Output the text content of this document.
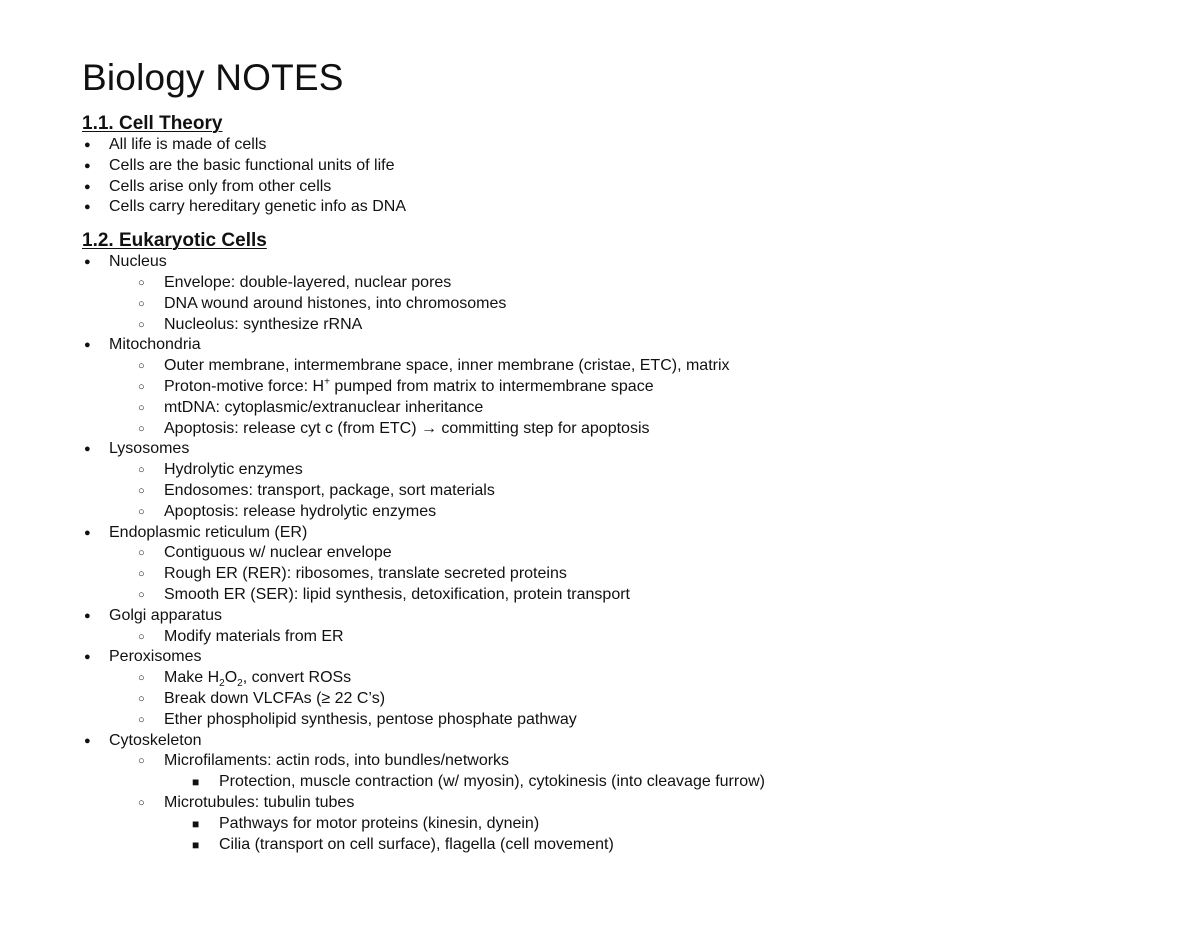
Biology NOTES
1.1. Cell Theory
●	All life is made of cells
●	Cells are the basic functional units of life
●	Cells arise only from other cells
●	Cells carry hereditary genetic info as DNA
1.2. Eukaryotic Cells
●	Nucleus
○	Envelope: double-layered, nuclear pores
○	DNA wound around histones, into chromosomes
○	Nucleolus: synthesize rRNA
●	Mitochondria
○	Outer membrane, intermembrane space, inner membrane (cristae, ETC), matrix
○	Proton-motive force: H+ pumped from matrix to intermembrane space
○	mtDNA: cytoplasmic/extranuclear inheritance
○	Apoptosis: release cyt c (from ETC) → committing step for apoptosis
●	Lysosomes
○	Hydrolytic enzymes
○	Endosomes: transport, package, sort materials
○	Apoptosis: release hydrolytic enzymes
●	Endoplasmic reticulum (ER)
○	Contiguous w/ nuclear envelope
○	Rough ER (RER): ribosomes, translate secreted proteins
○	Smooth ER (SER): lipid synthesis, detoxification, protein transport
●	Golgi apparatus
○	Modify materials from ER
●	Peroxisomes
○	Make $H_2O_2$, convert ROSs
○	Break down VLCFAs (≥ 22 C’s)
○	Ether phospholipid synthesis, pentose phosphate pathway
●	Cytoskeleton
○	Microfilaments: actin rods, into bundles/networks
■	Protection, muscle contraction (w/ myosin), cytokinesis (into cleavage furrow)
○	Microtubules: tubulin tubes
■	Pathways for motor proteins (kinesin, dynein)
■	Cilia (transport on cell surface), flagella (cell movement)
